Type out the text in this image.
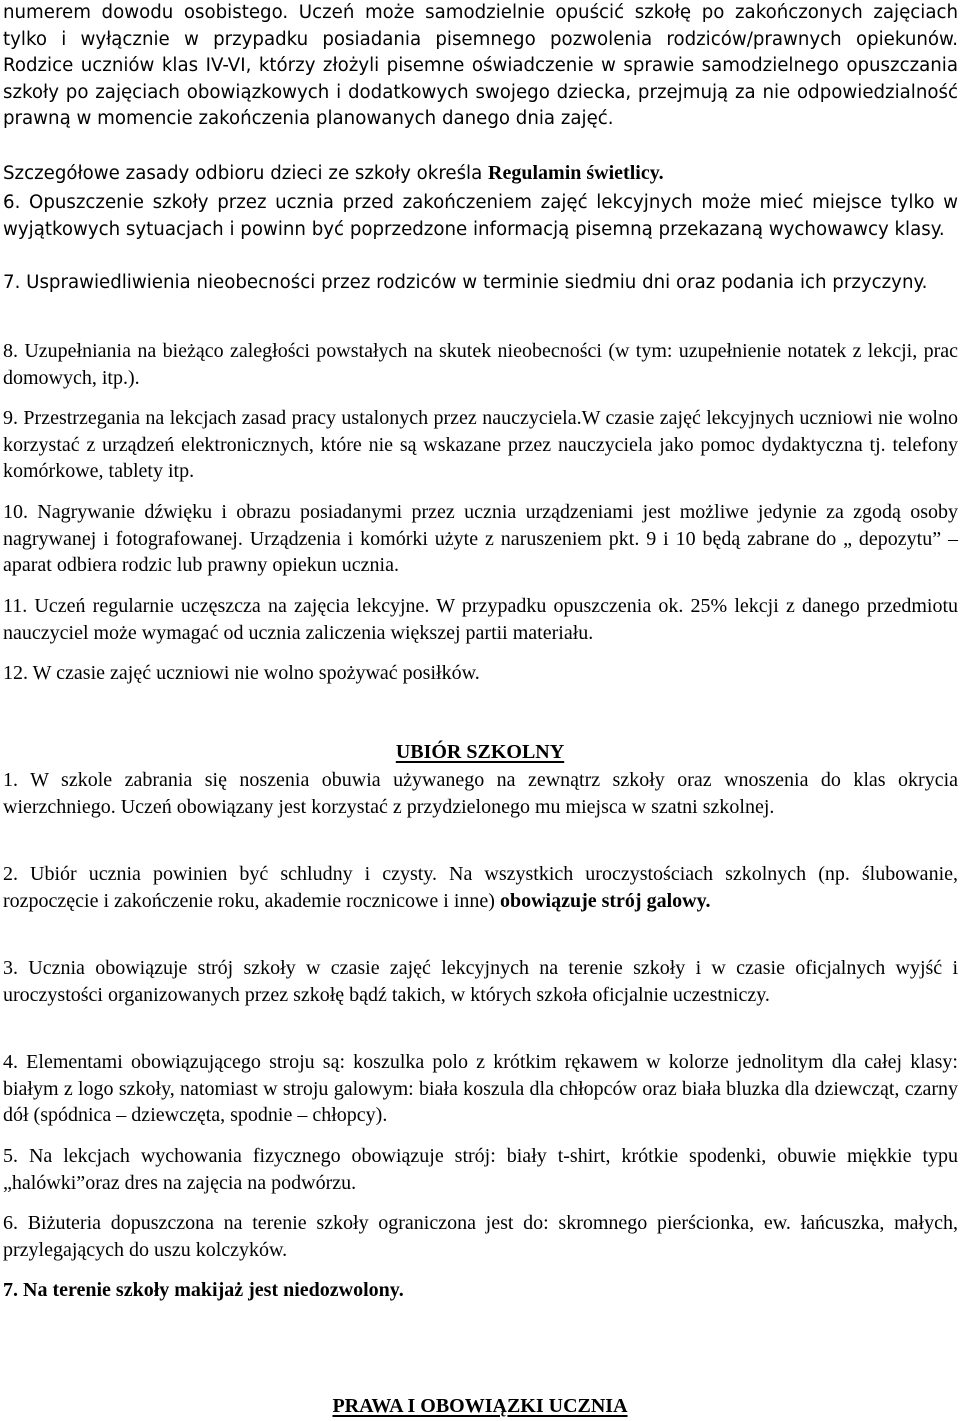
numerem dowodu osobistego. Uczeń może samodzielnie opuścić szkołę po zakończonych zajęciach tylko i wyłącznie w przypadku posiadania pisemnego pozwolenia rodziców/prawnych opiekunów. Rodzice uczniów klas IV-VI, którzy złożyli pisemne oświadczenie w sprawie samodzielnego opuszczania szkoły po zajęciach obowiązkowych i dodatkowych swojego dziecka, przejmują za nie odpowiedzialność prawną w momencie zakończenia planowanych danego dnia zajęć.
Szczegółowe zasady odbioru dzieci ze szkoły określa Regulamin świetlicy.
6. Opuszczenie szkoły przez ucznia przed zakończeniem zajęć lekcyjnych może mieć miejsce tylko w wyjątkowych sytuacjach i powinn być poprzedzone informacją pisemną przekazaną wychowawcy klasy.
7. Usprawiedliwienia nieobecności przez rodziców w terminie siedmiu dni oraz podania ich przyczyny.
8. Uzupełniania na bieżąco zaległości powstałych na skutek nieobecności (w tym: uzupełnienie notatek z lekcji, prac domowych, itp.).
9. Przestrzegania na lekcjach zasad pracy ustalonych przez nauczyciela.W czasie zajęć lekcyjnych uczniowi nie wolno korzystać z urządzeń elektronicznych, które nie są wskazane przez nauczyciela jako pomoc dydaktyczna tj. telefony komórkowe, tablety itp.
10. Nagrywanie dźwięku i obrazu posiadanymi przez ucznia urządzeniami jest możliwe jedynie za zgodą osoby nagrywanej i fotografowanej. Urządzenia i komórki użyte z naruszeniem pkt. 9 i 10 będą zabrane do „ depozytu” – aparat odbiera rodzic lub prawny opiekun ucznia.
11. Uczeń regularnie uczęszcza na zajęcia lekcyjne. W przypadku opuszczenia ok. 25% lekcji z danego przedmiotu nauczyciel może wymagać od ucznia zaliczenia większej partii materiału.
12. W czasie zajęć uczniowi nie wolno spożywać posiłków.
UBIÓR SZKOLNY
1. W szkole zabrania się noszenia obuwia używanego na zewnątrz szkoły oraz wnoszenia do klas okrycia wierzchniego. Uczeń obowiązany jest korzystać z przydzielonego mu miejsca w szatni szkolnej.
2. Ubiór ucznia powinien być schludny i czysty. Na wszystkich uroczystościach szkolnych (np. ślubowanie, rozpoczęcie i zakończenie roku, akademie rocznicowe i inne) obowiązuje strój galowy.
3. Ucznia obowiązuje strój szkoły w czasie zajęć lekcyjnych na terenie szkoły i w czasie oficjalnych wyjść i uroczystości organizowanych przez szkołę bądź takich, w których szkoła oficjalnie uczestniczy.
4. Elementami obowiązującego stroju są: koszulka polo z krótkim rękawem w kolorze jednolitym dla całej klasy: białym z logo szkoły, natomiast w stroju galowym: biała koszula dla chłopców oraz biała bluzka dla dziewcząt, czarny dół (spódnica – dziewczęta, spodnie – chłopcy).
5. Na lekcjach wychowania fizycznego obowiązuje strój: biały t-shirt, krótkie spodenki, obuwie miękkie typu „halówki”oraz dres na zajęcia na podwórzu.
6. Biżuteria dopuszczona na terenie szkoły ograniczona jest do: skromnego pierścionka, ew. łańcuszka, małych, przylegających do uszu kolczyków.
7. Na terenie szkoły makijaż jest niedozwolony.
PRAWA I OBOWIĄZKI UCZNIA
